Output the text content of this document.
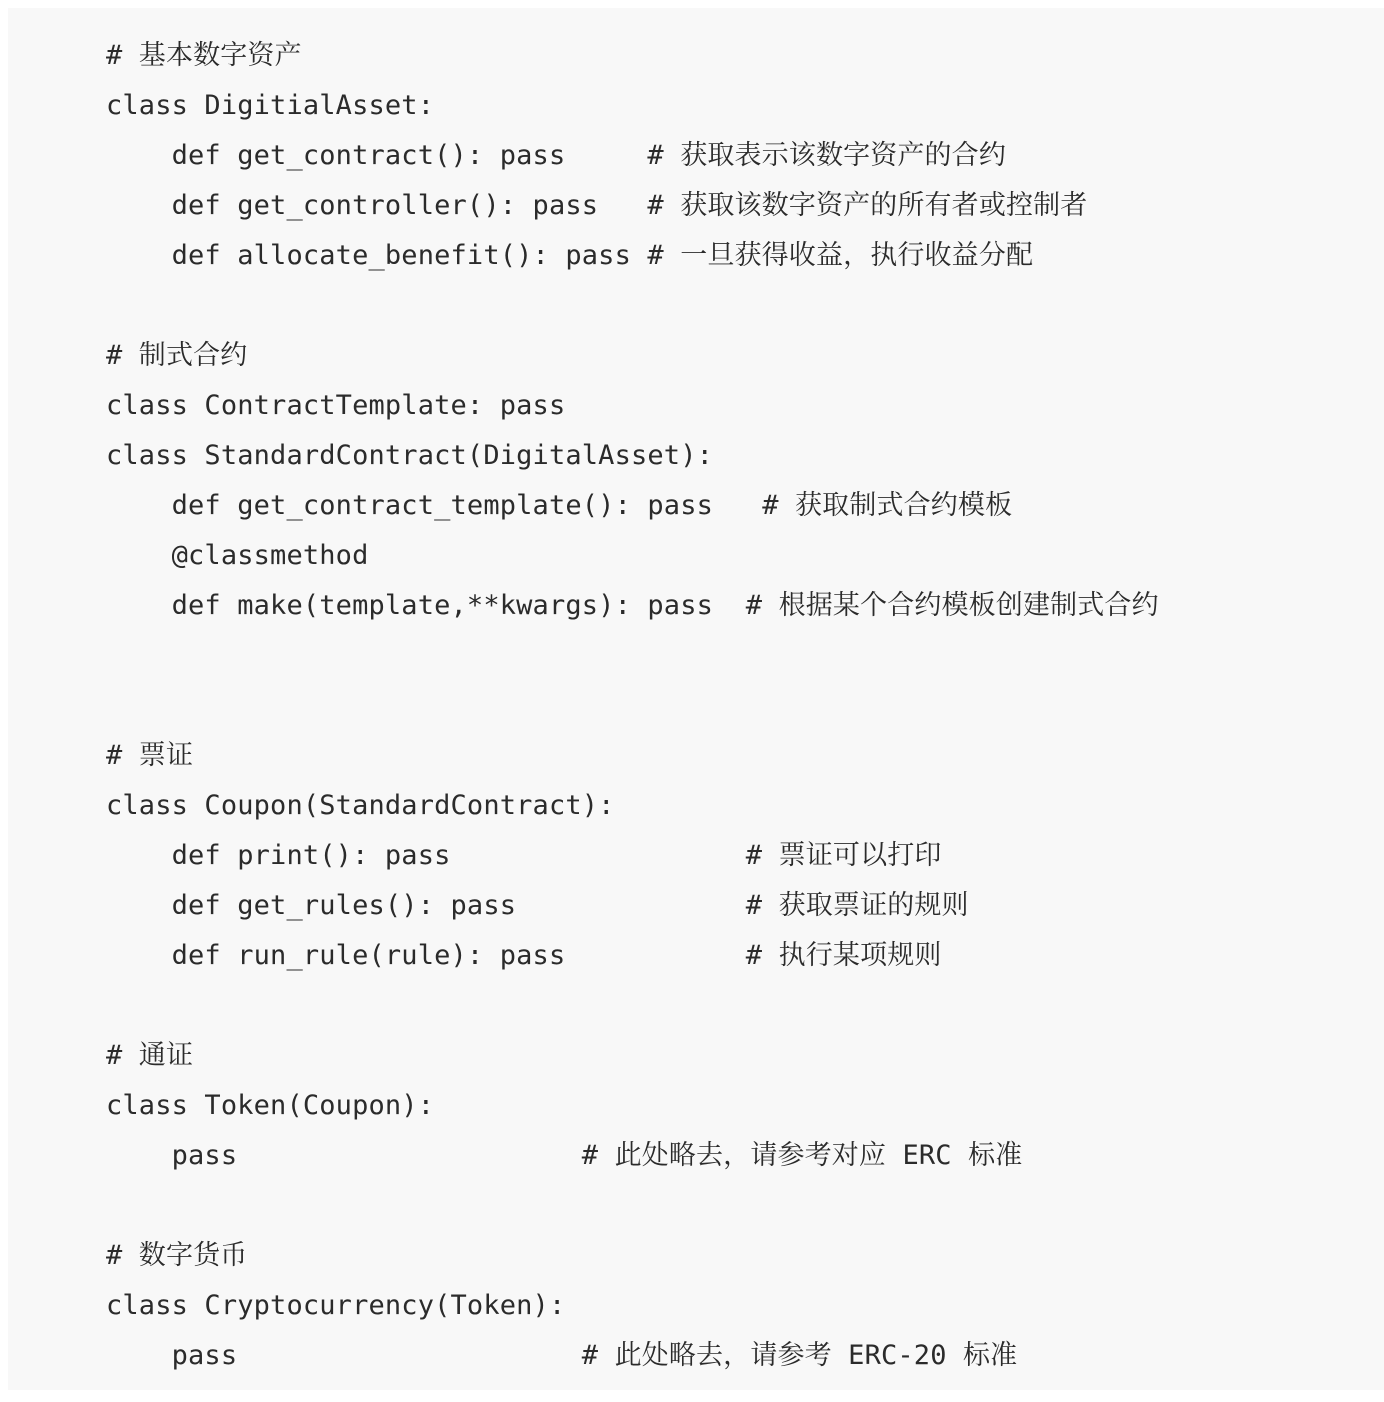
# 基本数字资产
class DigitialAsset:
def get_contract(): pass     # 获取表示该数字资产的合约
def get_controller(): pass   # 获取该数字资产的所有者或控制者
def allocate_benefit(): pass # 一旦获得收益，执行收益分配
# 制式合约
class ContractTemplate: pass
class StandardContract(DigitalAsset):
def get_contract_template(): pass   # 获取制式合约模板
@classmethod
def make(template,**kwargs): pass  # 根据某个合约模板创建制式合约
# 票证
class Coupon(StandardContract):
def print(): pass                  # 票证可以打印
def get_rules(): pass              # 获取票证的规则
def run_rule(rule): pass           # 执行某项规则
# 通证
class Token(Coupon):
pass                     # 此处略去，请参考对应 ERC 标准
# 数字货币
class Cryptocurrency(Token):
pass                     # 此处略去，请参考 ERC-20 标准
